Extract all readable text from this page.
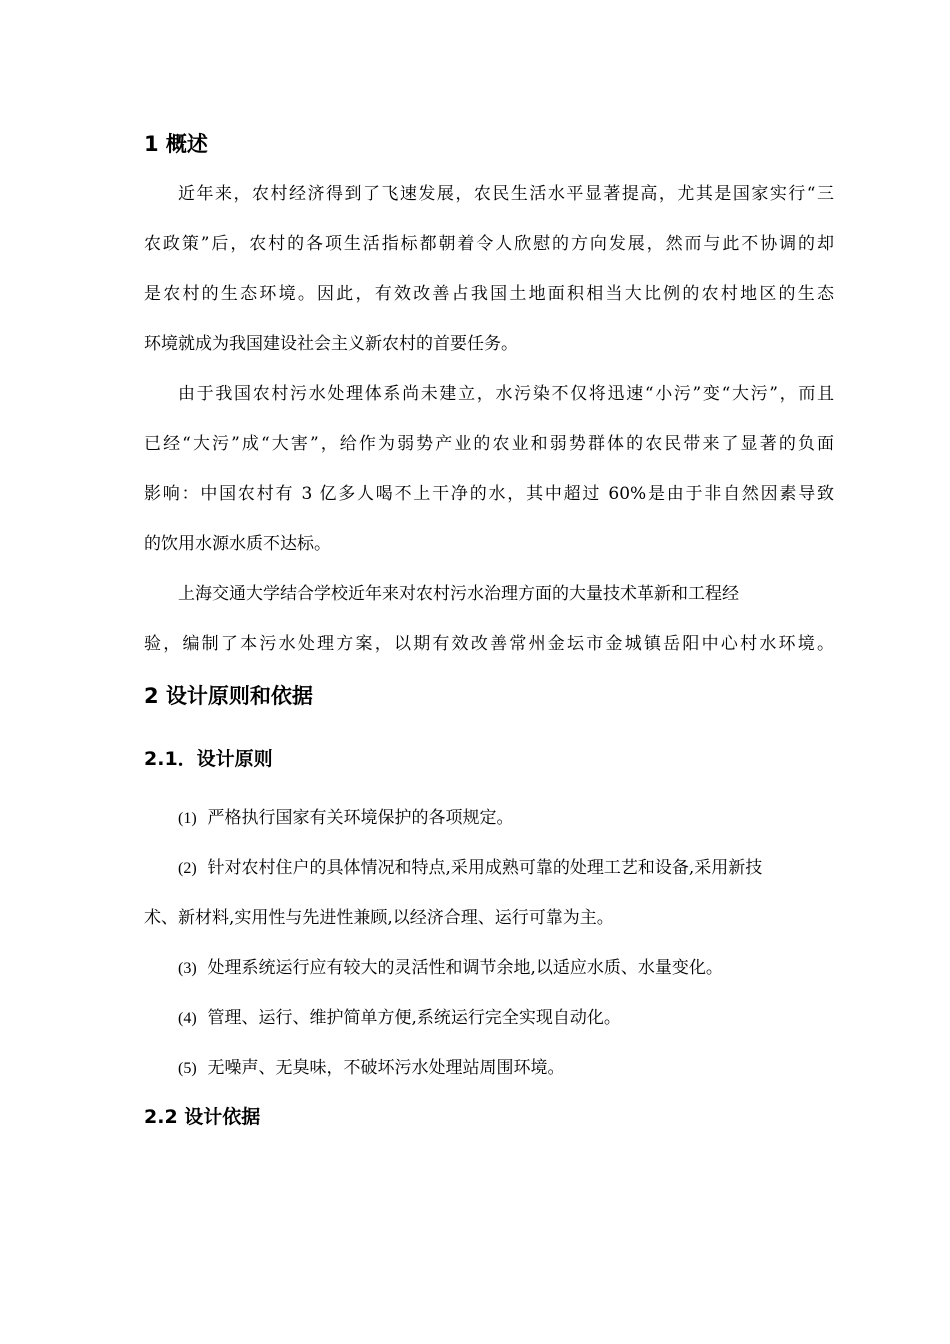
1 概述
近年来，农村经济得到了飞速发展，农民生活水平显著提高，尤其是国家实行“三
农政策”后，农村的各项生活指标都朝着令人欣慰的方向发展，然而与此不协调的却
是农村的生态环境。因此，有效改善占我国土地面积相当大比例的农村地区的生态
环境就成为我国建设社会主义新农村的首要任务。
由于我国农村污水处理体系尚未建立，水污染不仅将迅速“小污”变“大污”，而且
已经“大污”成“大害”，给作为弱势产业的农业和弱势群体的农民带来了显著的负面
影响：中国农村有 3 亿多人喝不上干净的水，其中超过 60%是由于非自然因素导致
的饮用水源水质不达标。
上海交通大学结合学校近年来对农村污水治理方面的大量技术革新和工程经
验，编制了本污水处理方案，以期有效改善常州金坛市金城镇岳阳中心村水环境。
2 设计原则和依据
2.1．设计原则
(1) 严格执行国家有关环境保护的各项规定。
(2) 针对农村住户的具体情况和特点,采用成熟可靠的处理工艺和设备,采用新技
术、新材料,实用性与先进性兼顾,以经济合理、运行可靠为主。
(3) 处理系统运行应有较大的灵活性和调节余地,以适应水质、水量变化。
(4) 管理、运行、维护简单方便,系统运行完全实现自动化。
(5) 无噪声、无臭味，不破坏污水处理站周围环境。
2.2 设计依据
